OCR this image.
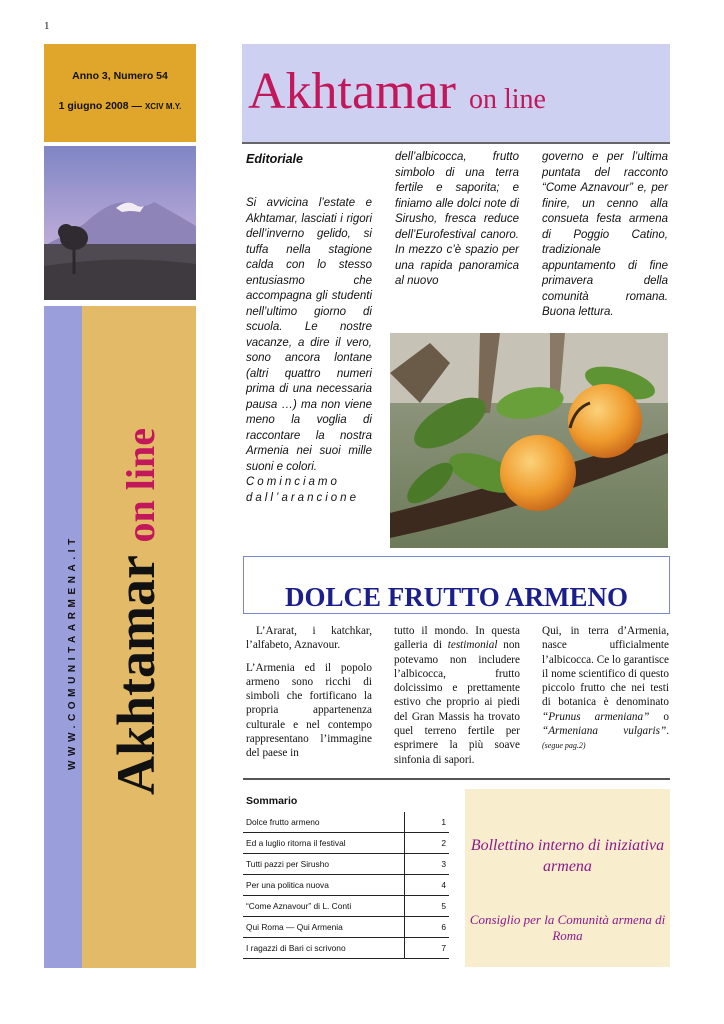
1
Anno 3, Numero 54
1 giugno 2008 — XCIV M.Y.
WWW.COMUNITAARMENA.IT Akhtamar on line
Akhtamar on line
Editoriale

Si avvicina l’estate e Akhtamar, lasciati i rigori dell’inverno gelido, si tuffa nella stagione calda con lo stesso entusiasmo che accompagna gli studenti nell’ultimo giorno di scuola. Le nostre vacanze, a dire il vero, sono ancora lontane (altri quattro numeri prima di una necessaria pausa …) ma non viene meno la voglia di raccontare la nostra Armenia nei suoi mille suoni e colori.

Cominciamo dall’arancione

dell’albicocca, frutto simbolo di una terra fertile e saporita; e finiamo alle dolci note di Sirusho, fresca reduce dell’Eurofestival canoro. In mezzo c’è spazio per una rapida panoramica al nuovo

governo e per l’ultima puntata del racconto “Come Aznavour” e, per finire, un cenno alla consueta festa armena di Poggio Catino, tradizionale appuntamento di fine primavera della comunità romana. Buona lettura.

DOLCE FRUTTO ARMENO

L’Ararat, i katchkar, l’alfabeto, Aznavour.

L’Armenia ed il popolo armeno sono ricchi di simboli che fortificano la propria appartenenza culturale e nel contempo rappresentano l’immagine del paese in

tutto il mondo. In questa galleria di testimonial non potevamo non includere l’albicocca, frutto dolcissimo e prettamente estivo che proprio ai piedi del Gran Massis ha trovato quel terreno fertile per esprimere la più soave sinfonia di sapori.

Qui, in terra d’Armenia, nasce ufficialmente l’albicocca. Ce lo garantisce il nome scientifico di questo piccolo frutto che nei testi di botanica è denominato “Prunus armeniana” o “Armeniana vulgaris”. (segue pag.2)

Sommario
Dolce frutto armeno	1
Ed a luglio ritorna il festival	2
Tutti pazzi per Sirusho	3
Per una politica nuova	4
“Come Aznavour” di L. Conti	5
Qui Roma — Qui Armenia	6
I ragazzi di Bari ci scrivono	7
Bollettino interno di iniziativa armena
Consiglio per la Comunità armena di Roma
